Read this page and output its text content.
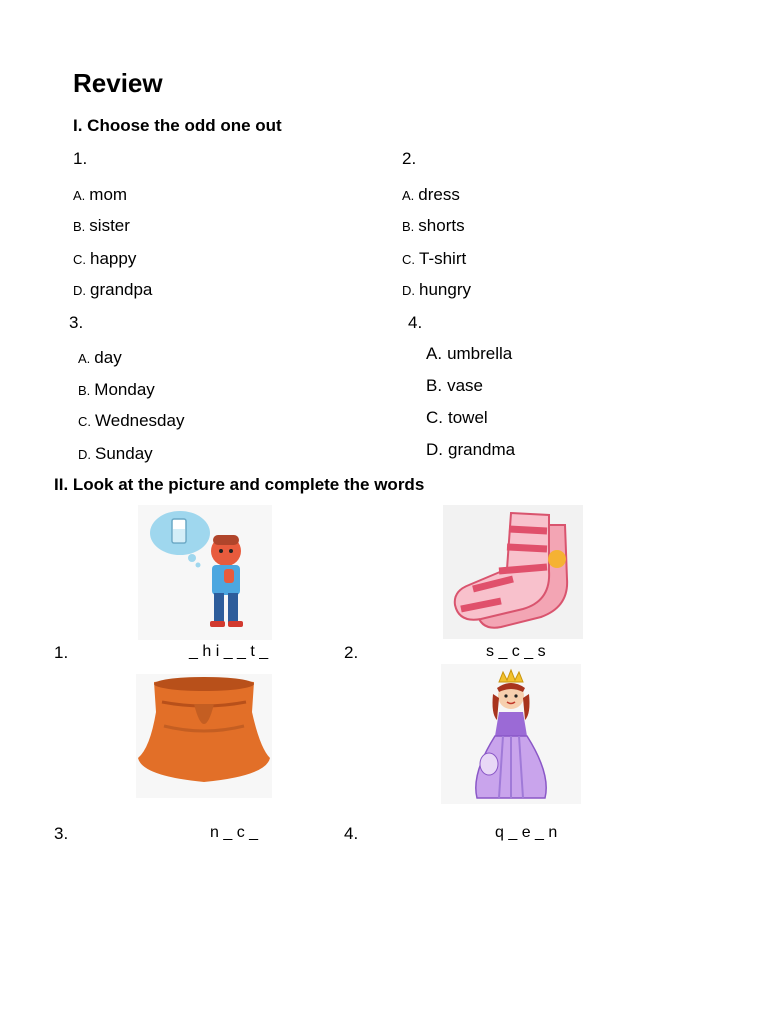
Review
I. Choose the odd one out
1.
A. mom
B. sister
C. happy
D. grandpa
2.
A. dress
B. shorts
C. T-shirt
D. hungry
3.
A. day
B. Monday
C. Wednesday
D. Sunday
4.
A. umbrella
B. vase
C. towel
D. grandma
II. Look at the picture and complete the words
1.	_ h i _ _ t _	2.	s _ c _ s
3.	n _ c _	4.	q _ e _ n
